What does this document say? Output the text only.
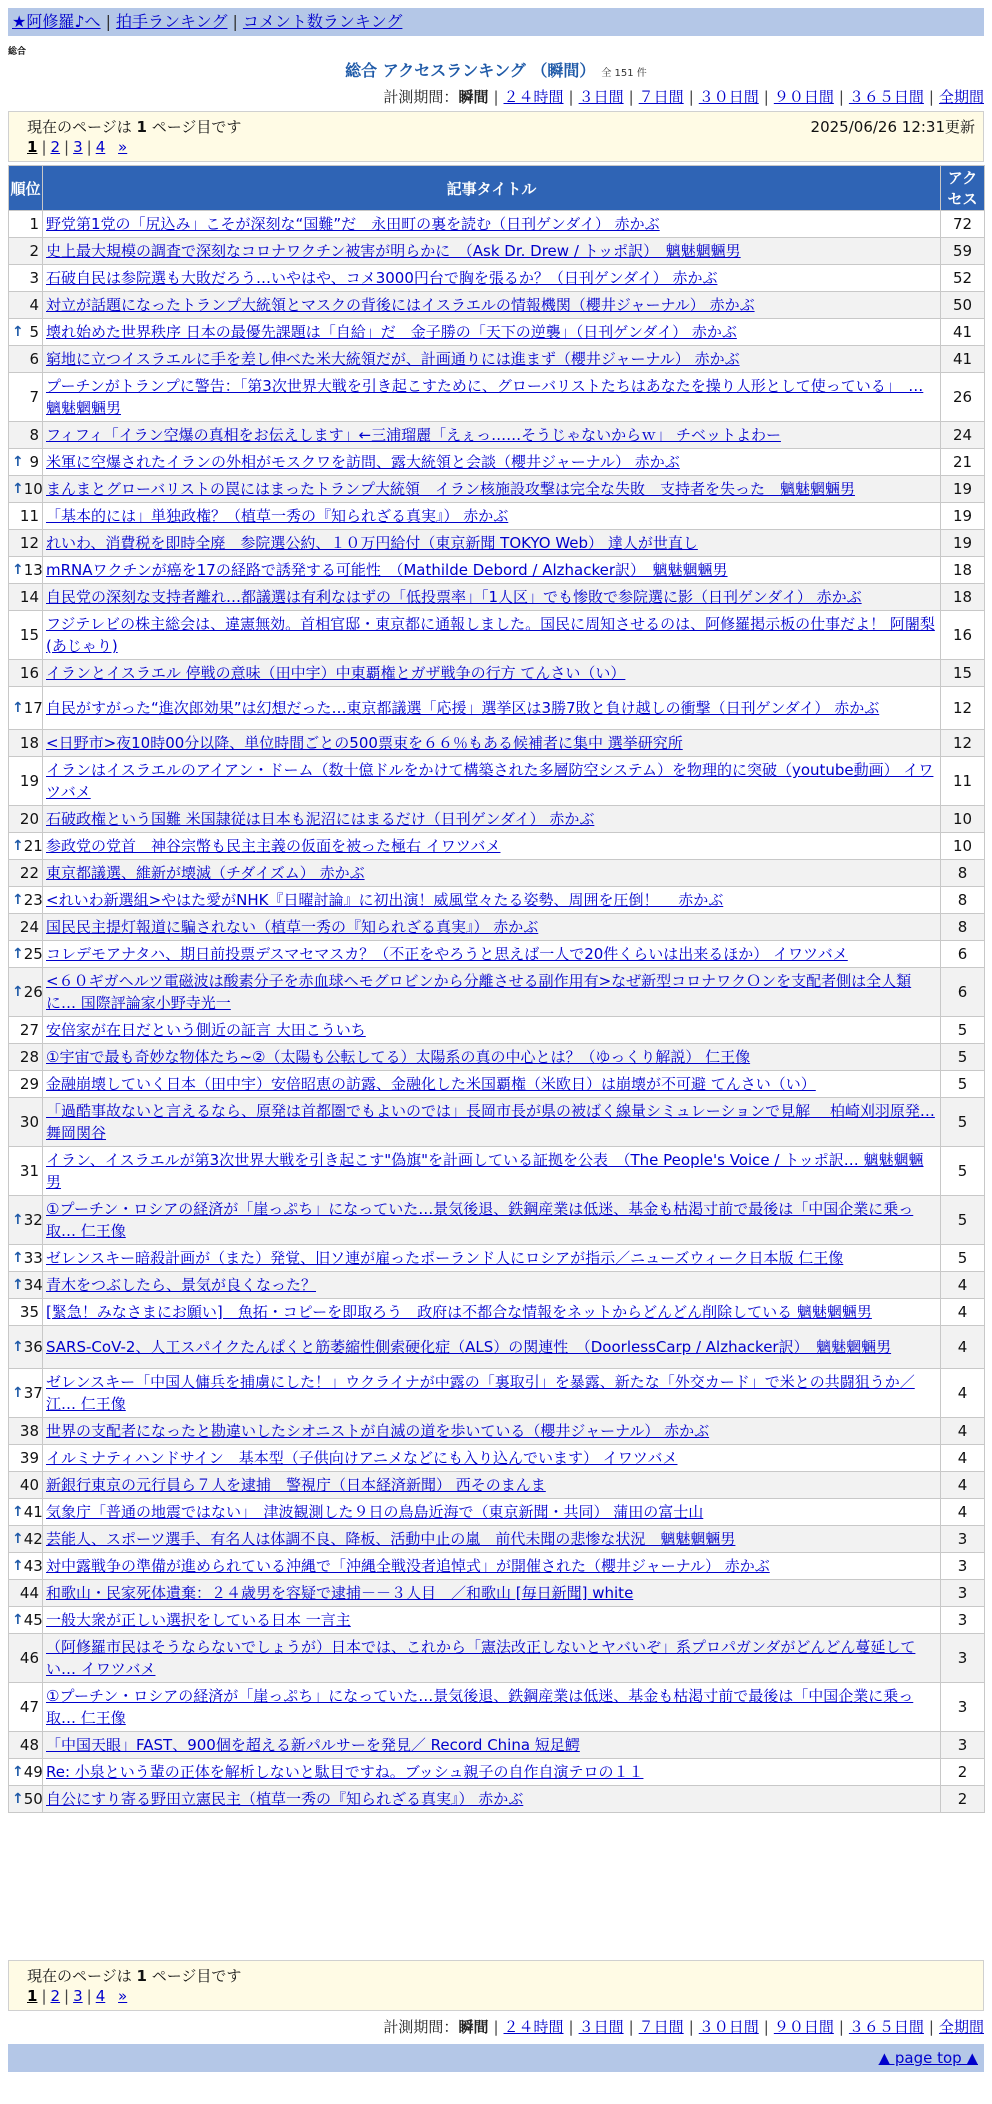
★阿修羅♪へ | 拍手ランキング | コメント数ランキング
総合
総合 アクセスランキング （瞬間） 全 151 件
計測期間：瞬間 | ２４時間 | ３日間 | ７日間 | ３０日間 | ９０日間 | ３６５日間 | 全期間
現在のページは 1 ページ目です	2025/06/26 12:31更新
1 | 2 | 3 | 4 »
順位	記事タイトル	アクセス
1	野党第1党の「尻込み」こそが深刻な“国難”だ　永田町の裏を読む（日刊ゲンダイ） 赤かぶ	72
2	史上最大規模の調査で深刻なコロナワクチン被害が明らかに　（Ask Dr. Drew / トッポ訳）　魑魅魍魎男	59
3	石破自民は参院選も大敗だろう…いやはや、コメ3000円台で胸を張るか？（日刊ゲンダイ） 赤かぶ	52
4	対立が話題になったトランプ大統領とマスクの背後にはイスラエルの情報機関（櫻井ジャーナル） 赤かぶ	50

↑ 5	壊れ始めた世界秩序 日本の最優先課題は「自給」だ　金子勝の「天下の逆襲」（日刊ゲンダイ） 赤かぶ	41
6	窮地に立つイスラエルに手を差し伸べた米大統領だが、計画通りには進まず（櫻井ジャーナル） 赤かぶ	41
7	プーチンがトランプに警告：「第3次世界大戦を引き起こすために、グローバリストたちはあなたを操り人形として使っている」　… 魑魅魍魎男	26
8	フィフィ「イラン空爆の真相をお伝えします」←三浦瑠麗「えぇっ……そうじゃないからｗ」 チベットよわー	24

↑ 9	米軍に空爆されたイランの外相がモスクワを訪問、露大統領と会談（櫻井ジャーナル） 赤かぶ	21

↑ 10	まんまとグローバリストの罠にはまったトランプ大統領　イラン核施設攻撃は完全な失敗　支持者を失った　魑魅魍魎男	19
11	「基本的には」単独政権？（植草一秀の『知られざる真実』） 赤かぶ	19
12	れいわ、消費税を即時全廃　参院選公約、１０万円給付（東京新聞 TOKYO Web） 達人が世直し	19

↑ 13	mRNAワクチンが癌を17の経路で誘発する可能性　（Mathilde Debord / Alzhacker訳）　魑魅魍魎男	18
14	自民党の深刻な支持者離れ…都議選は有利なはずの「低投票率」「1人区」でも惨敗で参院選に影（日刊ゲンダイ） 赤かぶ	18
15	フジテレビの株主総会は、違憲無効。首相官邸・東京都に通報しました。国民に周知させるのは、阿修羅掲示板の仕事だよ！ 阿闍梨(あじゃり)	16
16	イランとイスラエル 停戦の意味（田中宇）中東覇権とガザ戦争の行方 てんさい（い）	15

↑ 17	自民がすがった“進次郎効果”は幻想だった…東京都議選「応援」選挙区は3勝7敗と負け越しの衝撃（日刊ゲンダイ） 赤かぶ	12
18	<日野市>夜10時00分以降、単位時間ごとの500票束を６６％もある候補者に集中 選挙研究所	12
19	イランはイスラエルのアイアン・ドーム（数十億ドルをかけて構築された多層防空システム）を物理的に突破（youtube動画） イワツバメ	11
20	石破政権という国難 米国隷従は日本も泥沼にはまるだけ（日刊ゲンダイ） 赤かぶ	10

↑ 21	参政党の党首　神谷宗幣も民主主義の仮面を被った極右 イワツバメ	10
22	東京都議選、維新が壊滅（チダイズム） 赤かぶ	8

↑ 23	<れいわ新選組>やはた愛がNHK『日曜討論』に初出演！威風堂々たる姿勢、周囲を圧倒！　 赤かぶ	8
24	国民民主提灯報道に騙されない（植草一秀の『知られざる真実』） 赤かぶ	8

↑ 25	コレデモアナタハ、期日前投票デスマセマスカ？（不正をやろうと思えば一人で20件くらいは出来るほか） イワツバメ	6

↑ 26	<６０ギガヘルツ電磁波は酸素分子を赤血球ヘモグロビンから分離させる副作用有>なぜ新型コロナワクＯンを支配者側は全人類に… 国際評論家小野寺光一	6
27	安倍家が在日だという側近の証言 大田こういち	5
28	①宇宙で最も奇妙な物体たち~②（太陽も公転してる）太陽系の真の中心とは？（ゆっくり解説） 仁王像	5
29	金融崩壊していく日本（田中宇）安倍昭恵の訪露、金融化した米国覇権（米欧日）は崩壊が不可避 てんさい（い）	5
30	「過酷事故ないと言えるなら、原発は首都圏でもよいのでは」長岡市長が県の被ばく線量シミュレーションで見解　 柏崎刈羽原発… 舞岡関谷	5
31	イラン、イスラエルが第3次世界大戦を引き起こす"偽旗"を計画している証拠を公表　（The People's Voice / トッポ訳… 魑魅魍魎男	5

↑ 32	①プーチン・ロシアの経済が「崖っぷち」になっていた…景気後退、鉄鋼産業は低迷、基金も枯渇寸前で最後は「中国企業に乗っ取… 仁王像	5

↑ 33	ゼレンスキー暗殺計画が（また）発覚、旧ソ連が雇ったポーランド人にロシアが指示／ニューズウィーク日本版 仁王像	5

↑ 34	青木をつぶしたら、景気が良くなった？	4
35	[緊急！みなさまにお願い]　魚拓・コピーを即取ろう　政府は不都合な情報をネットからどんどん削除している 魑魅魍魎男	4

↑ 36	SARS-CoV-2、人工スパイクたんぱくと筋萎縮性側索硬化症（ALS）の関連性　（DoorlessCarp / Alzhacker訳）　魑魅魍魎男	4

↑ 37	ゼレンスキー「中国人傭兵を捕虜にした！」ウクライナが中露の「裏取引」を暴露、新たな「外交カード」で米との共闘狙うか／江… 仁王像	4
38	世界の支配者になったと勘違いしたシオニストが自滅の道を歩いている（櫻井ジャーナル） 赤かぶ	4
39	イルミナティハンドサイン　基本型（子供向けアニメなどにも入り込んでいます） イワツバメ	4
40	新銀行東京の元行員ら７人を逮捕　警視庁（日本経済新聞） 西そのまんま	4

↑ 41	気象庁「普通の地震ではない」　津波観測した９日の鳥島近海で（東京新聞・共同） 蒲田の富士山	4

↑ 42	芸能人、スポーツ選手、有名人は体調不良、降板、活動中止の嵐　前代未聞の悲惨な状況　魑魅魍魎男	3

↑ 43	対中露戦争の準備が進められている沖縄で「沖縄全戦没者追悼式」が開催された（櫻井ジャーナル） 赤かぶ	3
44	和歌山・民家死体遺棄：２４歳男を容疑で逮捕－－３人目　／和歌山 [毎日新聞] white	3

↑ 45	一般大衆が正しい選択をしている日本 一言主	3
46	（阿修羅市民はそうならないでしょうが）日本では、これから「憲法改正しないとヤバいぞ」系プロパガンダがどんどん蔓延してい… イワツバメ	3
47	①プーチン・ロシアの経済が「崖っぷち」になっていた…景気後退、鉄鋼産業は低迷、基金も枯渇寸前で最後は「中国企業に乗っ取… 仁王像	3
48	「中国天眼」FAST、900個を超える新パルサーを発見／ Record China 短足鰐	3

↑ 49	Re: 小泉という輩の正体を解析しないと駄目ですね。ブッシュ親子の自作自演テロの１１	2

↑ 50	自公にすり寄る野田立憲民主（植草一秀の『知られざる真実』） 赤かぶ	2
現在のページは 1 ページ目です
1 | 2 | 3 | 4 »
計測期間：瞬間 | ２４時間 | ３日間 | ７日間 | ３０日間 | ９０日間 | ３６５日間 | 全期間
▲ page top ▲
